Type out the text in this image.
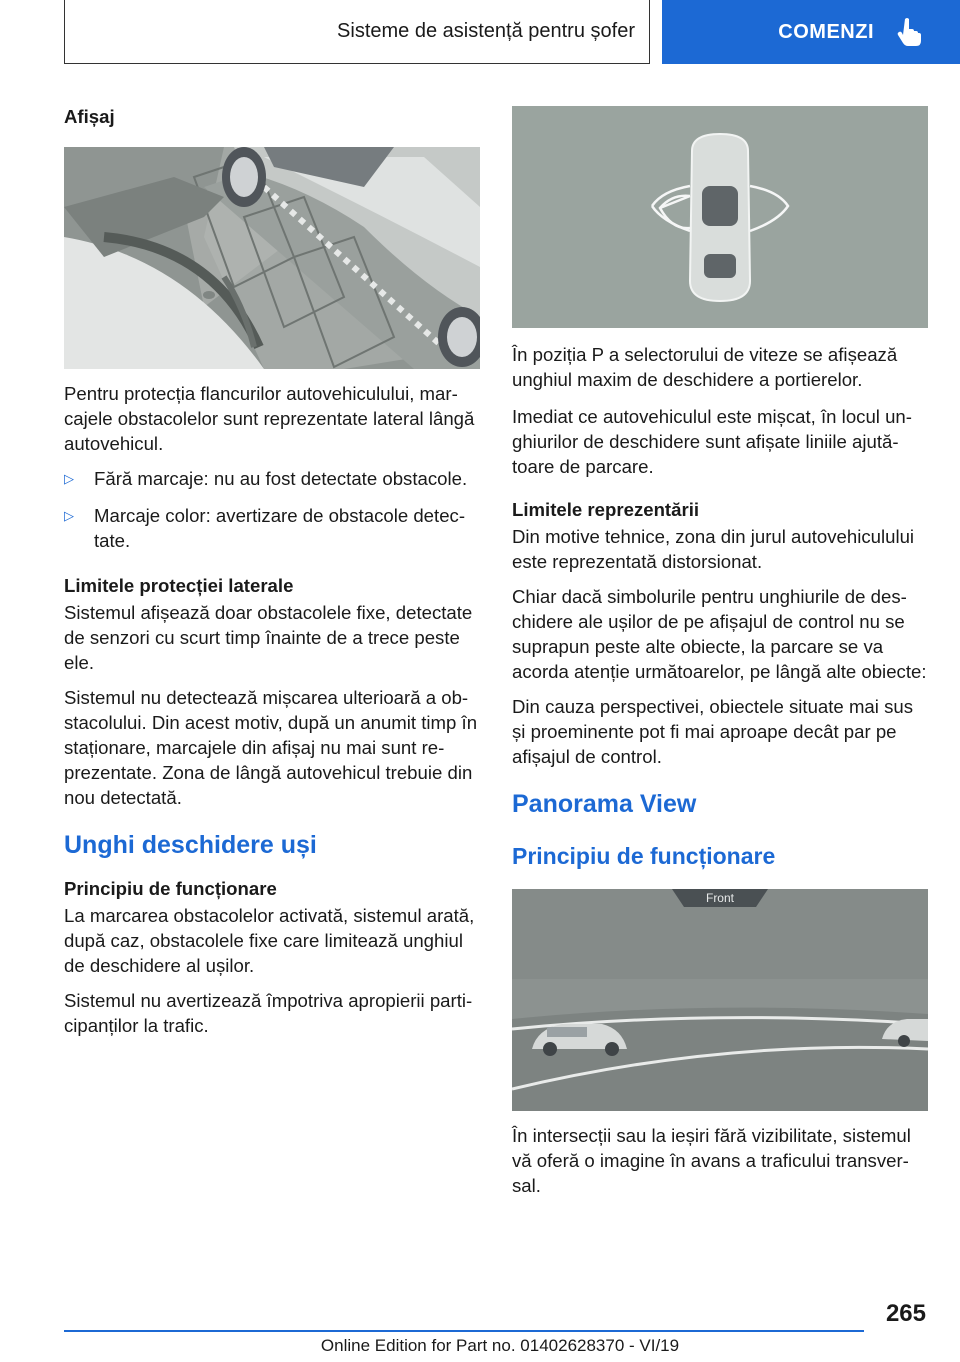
Sisteme de asistență pentru șofer	COMENZI
Afișaj

Pentru protecția flancurilor autovehiculului, mar-cajele obstacolelor sunt reprezentate lateral lângă autovehicul.

▷ Fără marcaje: nu au fost detectate obstacole.
▷ Marcaje color: avertizare de obstacole detec-tate.
Limitele protecției laterale

Sistemul afișează doar obstacolele fixe, detectate de senzori cu scurt timp înainte de a trece peste ele.

Sistemul nu detectează mișcarea ulterioară a ob-stacolului. Din acest motiv, după un anumit timp în staționare, marcajele din afișaj nu mai sunt re-prezentate. Zona de lângă autovehicul trebuie din nou detectată.

Unghi deschidere uși
Principiu de funcționare

La marcarea obstacolelor activată, sistemul arată, după caz, obstacolele fixe care limitează unghiul de deschidere al ușilor.

Sistemul nu avertizează împotriva apropierii parti-cipanților la trafic.

În poziția P a selectorului de viteze se afișează unghiul maxim de deschidere a portierelor.

Imediat ce autovehiculul este mișcat, în locul un-ghiurilor de deschidere sunt afișate liniile ajută-toare de parcare.

Limitele reprezentării

Din motive tehnice, zona din jurul autovehiculului este reprezentată distorsionat.

Chiar dacă simbolurile pentru unghiurile de des-chidere ale ușilor de pe afișajul de control nu se suprapun peste alte obiecte, la parcare se va acorda atenție următoarelor, pe lângă alte obiecte:

Din cauza perspectivei, obiectele situate mai sus și proeminente pot fi mai aproape decât par pe afișajul de control.

Panorama View
Principiu de funcționare
Front

În intersecții sau la ieșiri fără vizibilitate, sistemul vă oferă o imagine în avans a traficului transver-sal.

265
Online Edition for Part no. 01402628370 - VI/19
